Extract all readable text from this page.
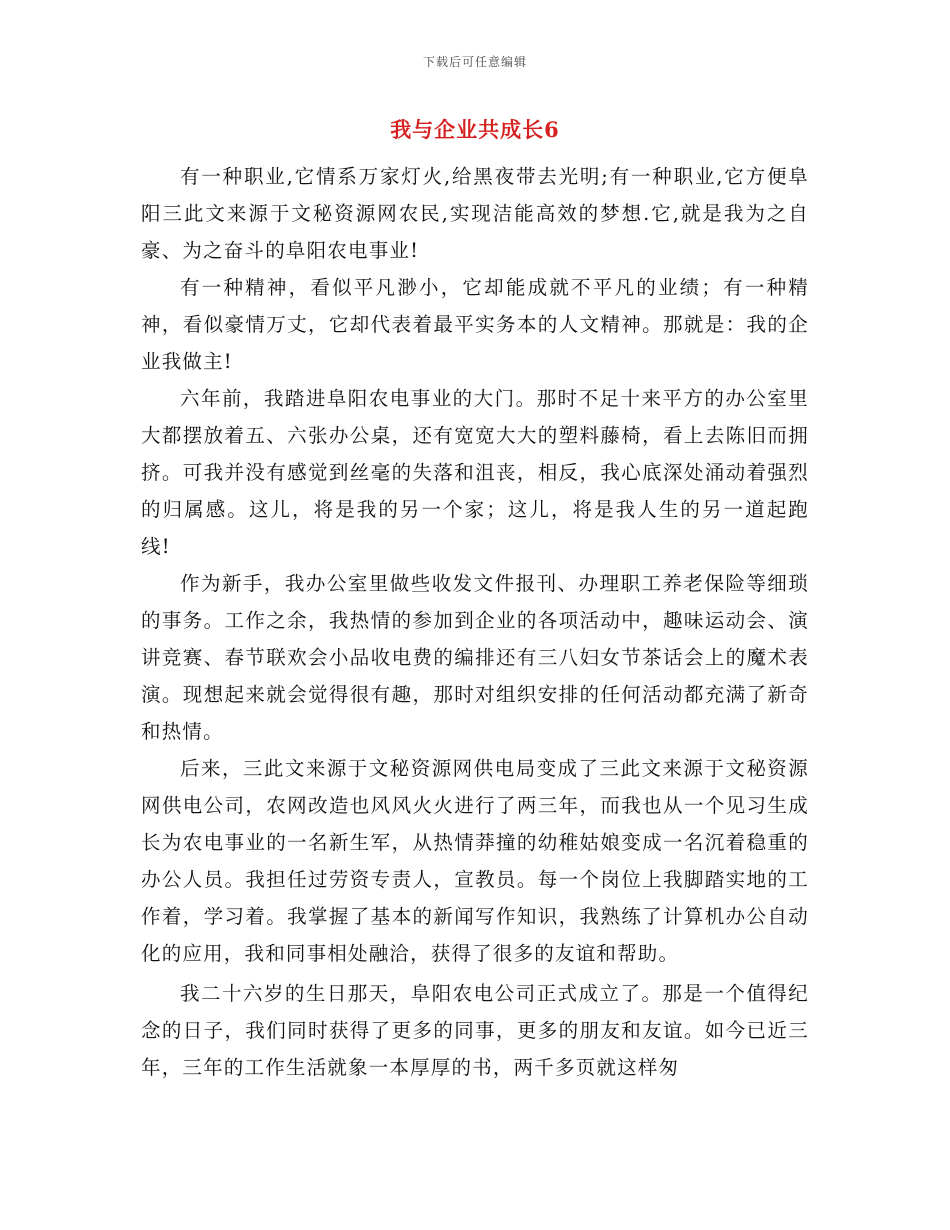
下载后可任意编辑
我与企业共成长6

有一种职业,它情系万家灯火,给黑夜带去光明;有一种职业,它方便阜阳三此文来源于文秘资源网农民,实现洁能高效的梦想.它,就是我为之自豪、为之奋斗的阜阳农电事业!

有一种精神，看似平凡渺小，它却能成就不平凡的业绩；有一种精神，看似豪情万丈，它却代表着最平实务本的人文精神。那就是：我的企业我做主!

六年前，我踏进阜阳农电事业的大门。那时不足十来平方的办公室里大都摆放着五、六张办公桌，还有宽宽大大的塑料藤椅，看上去陈旧而拥挤。可我并没有感觉到丝毫的失落和沮丧，相反，我心底深处涌动着强烈的归属感。这儿，将是我的另一个家；这儿，将是我人生的另一道起跑线!

作为新手，我办公室里做些收发文件报刊、办理职工养老保险等细琐的事务。工作之余，我热情的参加到企业的各项活动中，趣味运动会、演讲竞赛、春节联欢会小品收电费的编排还有三八妇女节茶话会上的魔术表演。现想起来就会觉得很有趣，那时对组织安排的任何活动都充满了新奇和热情。

后来，三此文来源于文秘资源网供电局变成了三此文来源于文秘资源网供电公司，农网改造也风风火火进行了两三年，而我也从一个见习生成长为农电事业的一名新生军，从热情莽撞的幼稚姑娘变成一名沉着稳重的办公人员。我担任过劳资专责人，宣教员。每一个岗位上我脚踏实地的工作着，学习着。我掌握了基本的新闻写作知识，我熟练了计算机办公自动化的应用，我和同事相处融洽，获得了很多的友谊和帮助。

我二十六岁的生日那天，阜阳农电公司正式成立了。那是一个值得纪念的日子，我们同时获得了更多的同事，更多的朋友和友谊。如今已近三年，三年的工作生活就象一本厚厚的书，两千多页就这样匆
